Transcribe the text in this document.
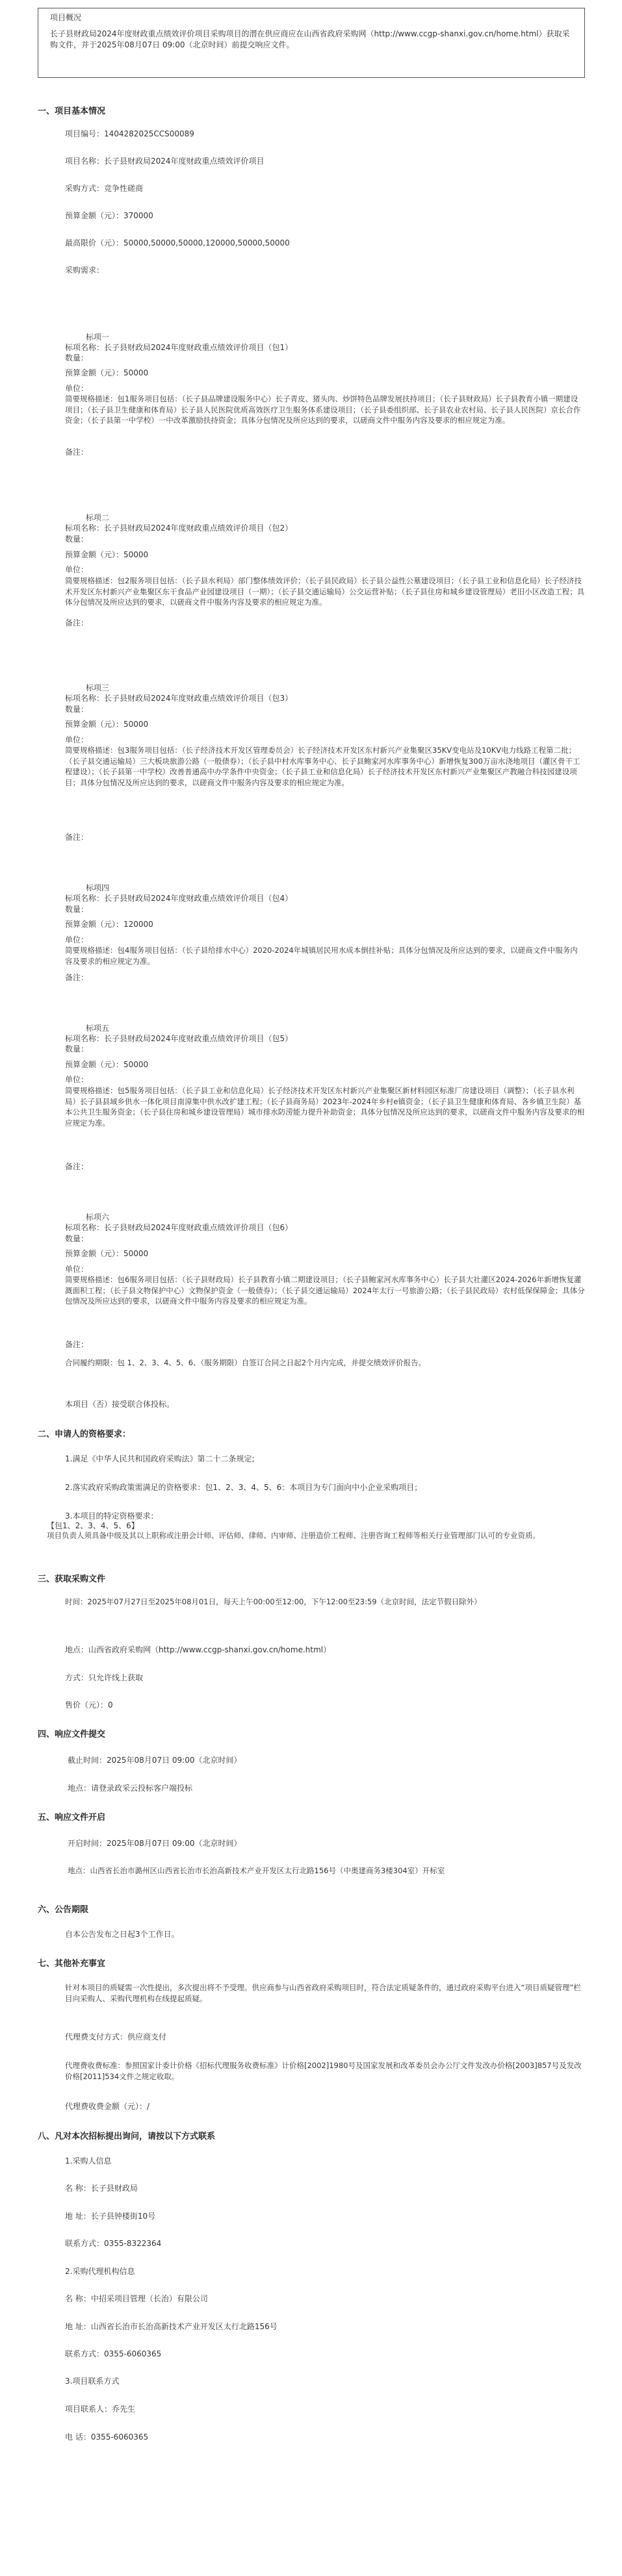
项目概况
长子县财政局2024年度财政重点绩效评价项目采购项目的潜在供应商应在山西省政府采购网（http://www.ccgp-shanxi.gov.cn/home.html）获取采购文件，并于2025年08月07日 09:00（北京时间）前提交响应文件。
一、项目基本情况
项目编号：1404282025CCS00089
项目名称：长子县财政局2024年度财政重点绩效评价项目
采购方式：竞争性磋商
预算金额（元）：370000
最高限价（元）：50000,50000,50000,120000,50000,50000
采购需求：
标项一
标项名称：长子县财政局2024年度财政重点绩效评价项目（包1）
数量：
预算金额（元）：50000
单位：
简要规格描述：包1服务项目包括：（长子县品牌建设服务中心）长子青皮、猪头肉、炒饼特色品牌发展扶持项目；（长子县财政局）长子县教育小镇一期建设项目；（长子县卫生健康和体育局）长子县人民医院优质高效医疗卫生服务体系建设项目；（长子县委组织部、长子县农业农村局、长子县人民医院）京长合作资金；（长子县第一中学校）一中改革激励扶持资金；具体分包情况及所应达到的要求，以磋商文件中服务内容及要求的相应规定为准。
备注：
标项二
标项名称：长子县财政局2024年度财政重点绩效评价项目（包2）
数量：
预算金额（元）：50000
单位：
简要规格描述：包2服务项目包括：（长子县水利局）部门整体绩效评价；（长子县民政局）长子县公益性公墓建设项目；（长子县工业和信息化局）长子经济技术开发区东村新兴产业集聚区东干食品产业园建设项目（一期）；（长子县交通运输局）公交运营补贴；（长子县住房和城乡建设管理局）老旧小区改造工程；具体分包情况及所应达到的要求，以磋商文件中服务内容及要求的相应规定为准。
备注：
标项三
标项名称：长子县财政局2024年度财政重点绩效评价项目（包3）
数量：
预算金额（元）：50000
单位：
简要规格描述：包3服务项目包括：（长子经济技术开发区管理委员会）长子经济技术开发区东村新兴产业集聚区35KV变电站及10KV电力线路工程第二批；（长子县交通运输局）三大板块旅游公路（一般债券）；（长子县中村水库事务中心、长子县鲍家河水库事务中心）新增恢复300万亩水浇地项目（灌区骨干工程建设）；（长子县第一中学校）改善普通高中办学条件中央资金；（长子县工业和信息化局）长子经济技术开发区东村新兴产业集聚区产教融合科技园建设项目；具体分包情况及所应达到的要求，以磋商文件中服务内容及要求的相应规定为准。
备注：
标项四
标项名称：长子县财政局2024年度财政重点绩效评价项目（包4）
数量：
预算金额（元）：120000
单位：
简要规格描述：包4服务项目包括：（长子县给排水中心）2020-2024年城镇居民用水成本倒挂补贴；具体分包情况及所应达到的要求，以磋商文件中服务内容及要求的相应规定为准。
备注：
标项五
标项名称：长子县财政局2024年度财政重点绩效评价项目（包5）
数量：
预算金额（元）：50000
单位：
简要规格描述：包5服务项目包括：（长子县工业和信息化局）长子经济技术开发区东村新兴产业集聚区新材料园区标准厂房建设项目（调整）；（长子县水利局）长子县县域乡供水一体化项目南漳集中供水改扩建工程；（长子县商务局）2023年-2024年乡村e镇资金；（长子县卫生健康和体育局、各乡镇卫生院）基本公共卫生服务资金；（长子县住房和城乡建设管理局）城市排水防涝能力提升补助资金；具体分包情况及所应达到的要求，以磋商文件中服务内容及要求的相应规定为准。
备注：
标项六
标项名称：长子县财政局2024年度财政重点绩效评价项目（包6）
数量：
预算金额（元）：50000
单位：
简要规格描述：包6服务项目包括：（长子县财政局）长子县教育小镇二期建设项目；（长子县鲍家河水库事务中心）长子县大社灌区2024-2026年新增恢复灌溉面积工程；（长子县文物保护中心）文物保护资金（一般债券）；（长子县交通运输局）2024年太行一号旅游公路；（长子县民政局）农村低保保障金；具体分包情况及所应达到的要求，以磋商文件中服务内容及要求的相应规定为准。
备注：
合同履约期限：包 1、2、3、4、5、6、（服务期限）自签订合同之日起2个月内完成，并提交绩效评价报告。
本项目（否）接受联合体投标。
二、申请人的资格要求：
1.满足《中华人民共和国政府采购法》第二十二条规定;
2.落实政府采购政策需满足的资格要求：包1、2、3、4、5、6：本项目为专门面向中小企业采购项目；
3.本项目的特定资格要求：
【包1、2、3、4、5、6】
项目负责人须具备中级及其以上职称或注册会计师、评估师、律师、内审师、注册造价工程师、注册咨询工程师等相关行业管理部门认可的专业资质。
三、获取采购文件
时间：2025年07月27日至2025年08月01日，每天上午00:00至12:00，下午12:00至23:59（北京时间，法定节假日除外）
地点：山西省政府采购网（http://www.ccgp-shanxi.gov.cn/home.html）
方式：只允许线上获取
售价（元）：0
四、响应文件提交
截止时间：2025年08月07日 09:00（北京时间）
地点：请登录政采云投标客户端投标
五、响应文件开启
开启时间：2025年08月07日 09:00（北京时间）
地点：山西省长治市潞州区山西省长治市长治高新技术产业开发区太行北路156号（中奥建商务3楼304室）开标室
六、公告期限
自本公告发布之日起3个工作日。
七、其他补充事宜
针对本项目的质疑需一次性提出，多次提出将不予受理。供应商参与山西省政府采购项目时，符合法定质疑条件的，通过政府采购平台进入“项目质疑管理”栏目向采购人、采购代理机构在线提起质疑。
代理费支付方式：供应商支付
代理费收费标准：参照国家计委计价格《招标代理服务收费标准》计价格[2002]1980号及国家发展和改革委员会办公厅文件发改办价格[2003]857号及发改价格[2011]534文件之规定收取。
代理费收费金额（元）：/
八、凡对本次招标提出询问，请按以下方式联系
1.采购人信息
名 称：长子县财政局
地 址：长子县钟楼街10号
联系方式：0355-8322364
2.采购代理机构信息
名 称：中招采项目管理（长治）有限公司
地 址：山西省长治市长治高新技术产业开发区太行北路156号
联系方式：0355-6060365
3.项目联系方式
项目联系人：乔先生
电 话：0355-6060365
